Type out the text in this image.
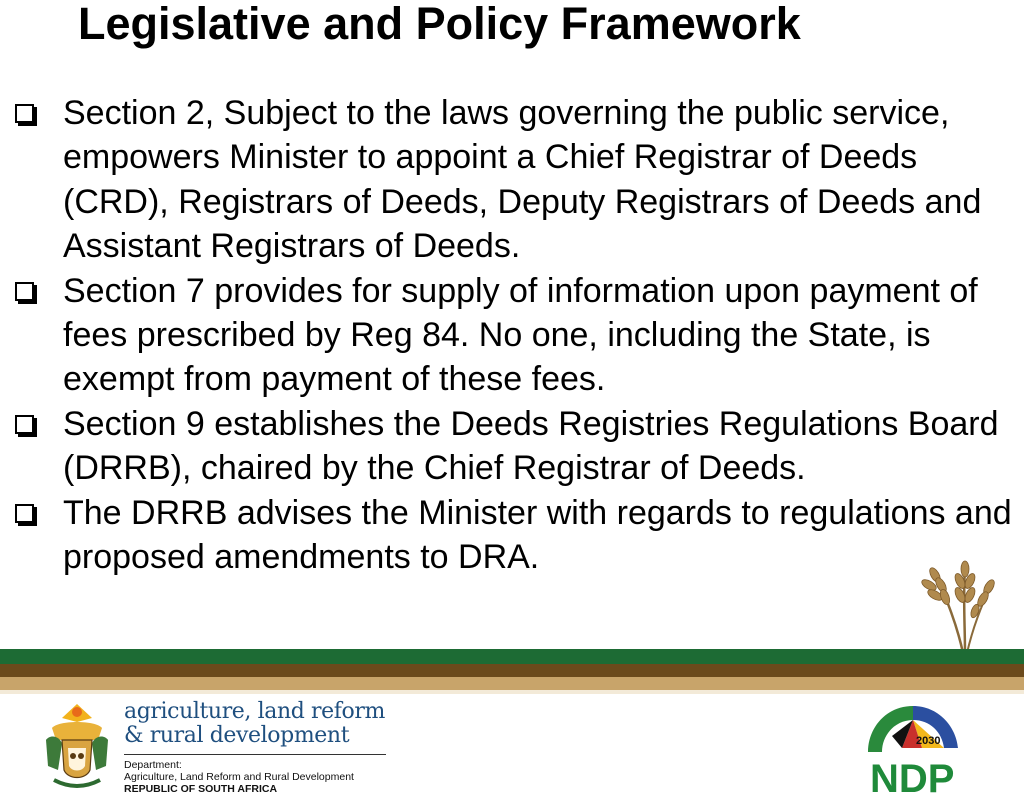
Legislative and Policy Framework
Section 2, Subject to the laws governing the public service, empowers Minister to appoint a Chief Registrar of Deeds (CRD), Registrars of Deeds, Deputy Registrars of Deeds and Assistant Registrars of Deeds.
Section 7 provides for supply of information upon payment of fees prescribed by Reg 84. No one, including the State, is exempt from payment of these fees.
Section 9 establishes the Deeds Registries Regulations Board (DRRB), chaired by the Chief Registrar of Deeds.
The DRRB advises the Minister with regards to regulations and proposed amendments to DRA.
agriculture, land reform
& rural development
Department:
Agriculture, Land Reform and Rural Development
REPUBLIC OF SOUTH AFRICA
2030
NDP
